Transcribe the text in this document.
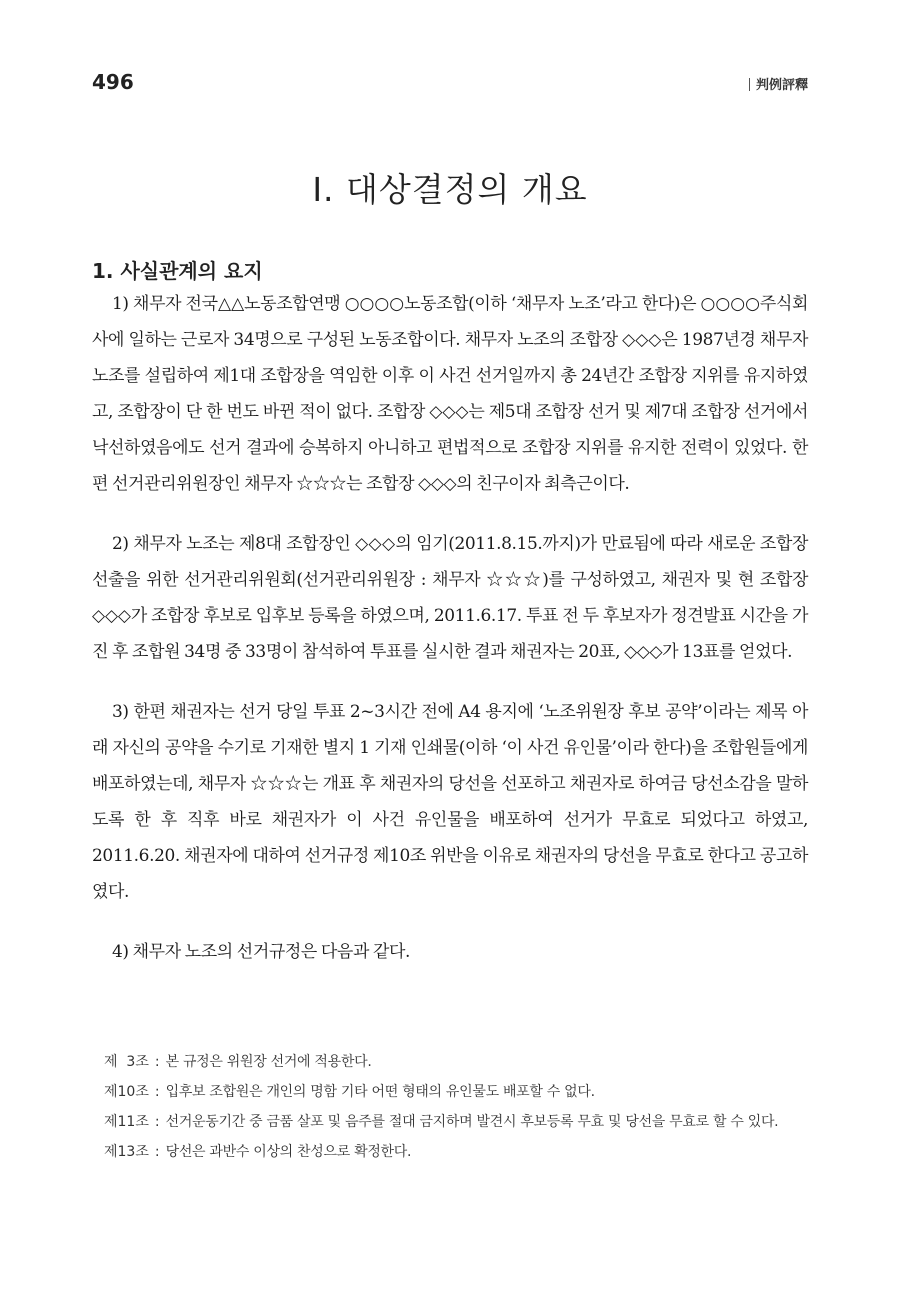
496	判例評釋
Ⅰ. 대상결정의 개요
1. 사실관계의 요지

1) 채무자 전국△△노동조합연맹 ○○○○노동조합(이하 ‘채무자 노조’라고 한다)은 ○○○○주식회사에 일하는 근로자 34명으로 구성된 노동조합이다. 채무자 노조의 조합장 ◇◇◇은 1987년경 채무자 노조를 설립하여 제1대 조합장을 역임한 이후 이 사건 선거일까지 총 24년간 조합장 지위를 유지하였고, 조합장이 단 한 번도 바뀐 적이 없다. 조합장 ◇◇◇는 제5대 조합장 선거 및 제7대 조합장 선거에서 낙선하였음에도 선거 결과에 승복하지 아니하고 편법적으로 조합장 지위를 유지한 전력이 있었다. 한편 선거관리위원장인 채무자 ☆☆☆는 조합장 ◇◇◇의 친구이자 최측근이다.

2) 채무자 노조는 제8대 조합장인 ◇◇◇의 임기(2011.8.15.까지)가 만료됨에 따라 새로운 조합장 선출을 위한 선거관리위원회(선거관리위원장 : 채무자 ☆☆☆)를 구성하였고, 채권자 및 현 조합장 ◇◇◇가 조합장 후보로 입후보 등록을 하였으며, 2011.6.17. 투표 전 두 후보자가 정견발표 시간을 가진 후 조합원 34명 중 33명이 참석하여 투표를 실시한 결과 채권자는 20표, ◇◇◇가 13표를 얻었다.

3) 한편 채권자는 선거 당일 투표 2~3시간 전에 A4 용지에 ‘노조위원장 후보 공약’이라는 제목 아래 자신의 공약을 수기로 기재한 별지 1 기재 인쇄물(이하 ‘이 사건 유인물’이라 한다)을 조합원들에게 배포하였는데, 채무자 ☆☆☆는 개표 후 채권자의 당선을 선포하고 채권자로 하여금 당선소감을 말하도록 한 후 직후 바로 채권자가 이 사건 유인물을 배포하여 선거가 무효로 되었다고 하였고, 2011.6.20. 채권자에 대하여 선거규정 제10조 위반을 이유로 채권자의 당선을 무효로 한다고 공고하였다.

4) 채무자 노조의 선거규정은 다음과 같다.

제  3조 : 본 규정은 위원장 선거에 적용한다.
제10조 : 입후보 조합원은 개인의 명함 기타 어떤 형태의 유인물도 배포할 수 없다.
제11조 : 선거운동기간 중 금품 살포 및 음주를 절대 금지하며 발견시 후보등록 무효 및 당선을 무효로 할 수 있다.
제13조 : 당선은 과반수 이상의 찬성으로 확정한다.
